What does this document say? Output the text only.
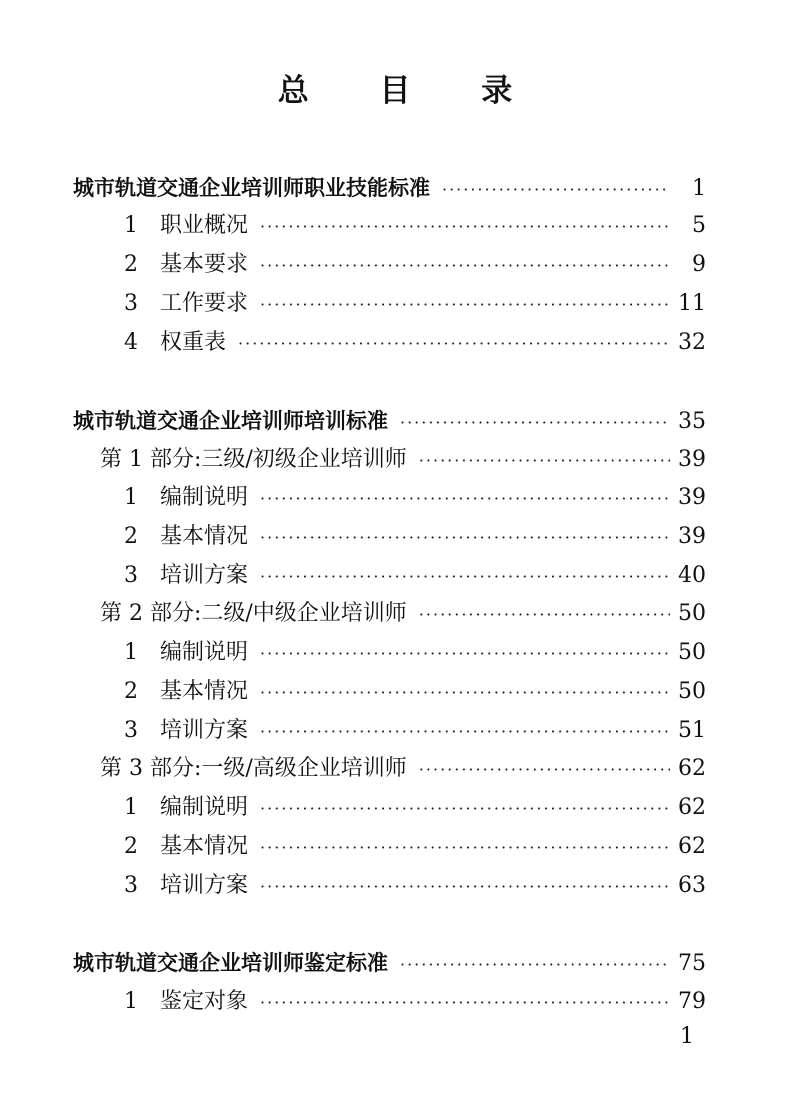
总 目 录
城市轨道交通企业培训师职业技能标准 ·····	1
1	职业概况 ·····	5
2	基本要求 ·····	9
3	工作要求 ·····	11
4	权重表 ·····	32
城市轨道交通企业培训师培训标准 ·····	35
第 1 部分:三级/初级企业培训师 ·····	39
1	编制说明 ·····	39
2	基本情况 ·····	39
3	培训方案 ·····	40
第 2 部分:二级/中级企业培训师 ·····	50
1	编制说明 ·····	50
2	基本情况 ·····	50
3	培训方案 ·····	51
第 3 部分:一级/高级企业培训师 ·····	62
1	编制说明 ·····	62
2	基本情况 ·····	62
3	培训方案 ·····	63
城市轨道交通企业培训师鉴定标准 ·····	75
1	鉴定对象 ·····	79
1
